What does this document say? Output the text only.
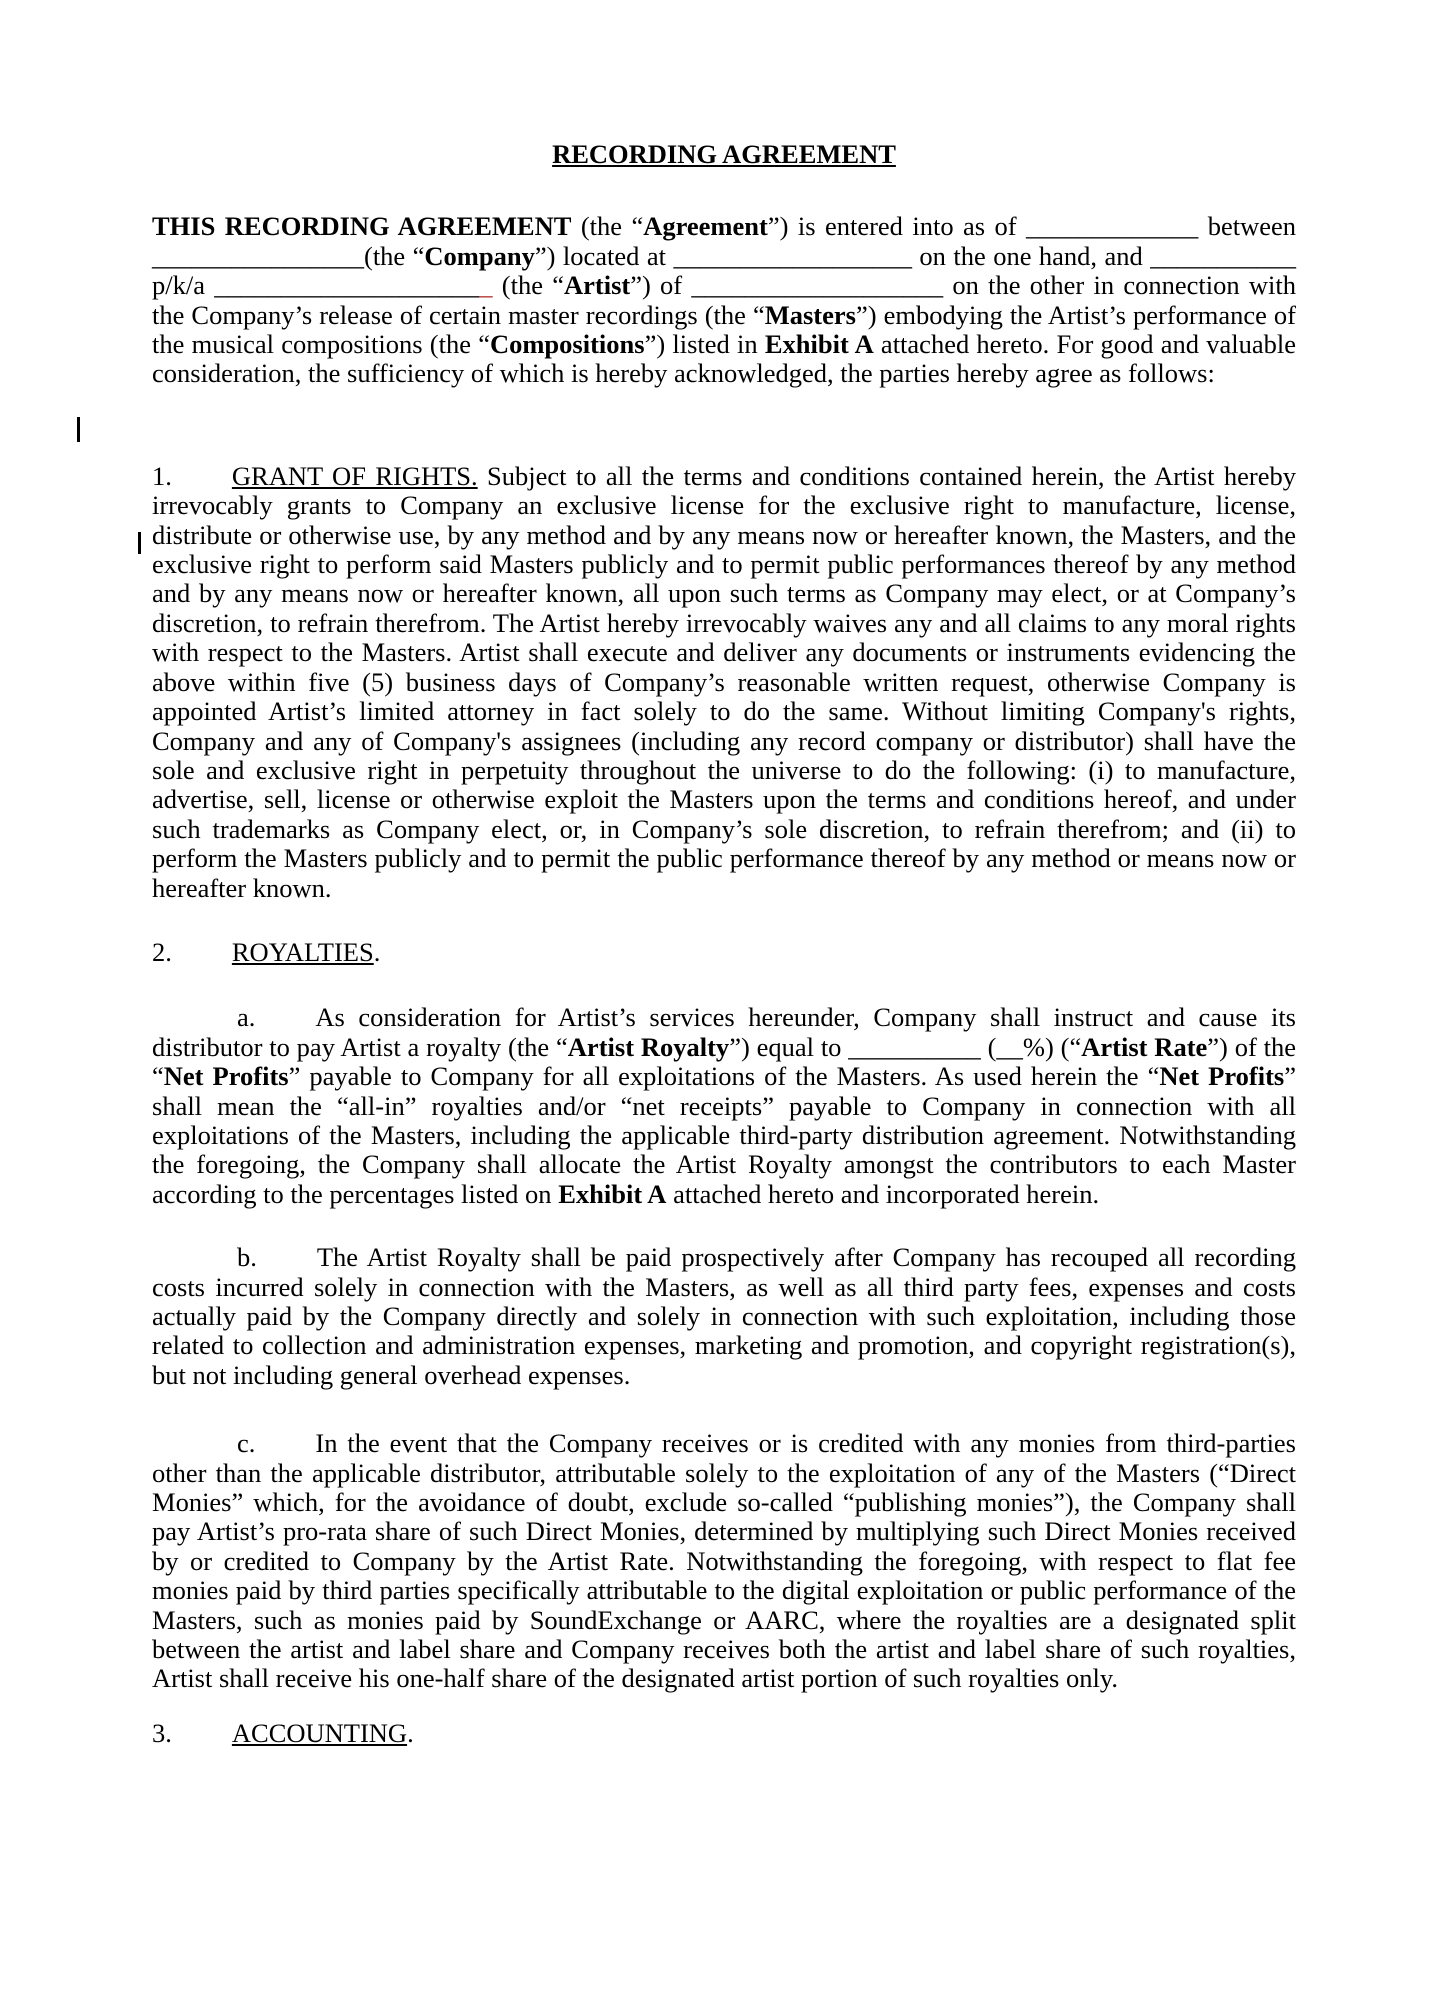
RECORDING AGREEMENT

THIS RECORDING AGREEMENT (the “Agreement”) is entered into as of _____________ between ________________(the “Company”) located at __________________ on the one hand, and ___________ p/k/a _____________________ (the “Artist”) of ___________________ on the other in connection with the Company’s release of certain master recordings (the “Masters”) embodying the Artist’s performance of the musical compositions (the “Compositions”) listed in Exhibit A attached hereto. For good and valuable consideration, the sufficiency of which is hereby acknowledged, the parties hereby agree as follows:

1. GRANT OF RIGHTS. Subject to all the terms and conditions contained herein, the Artist hereby irrevocably grants to Company an exclusive license for the exclusive right to manufacture, license, distribute or otherwise use, by any method and by any means now or hereafter known, the Masters, and the exclusive right to perform said Masters publicly and to permit public performances thereof by any method and by any means now or hereafter known, all upon such terms as Company may elect, or at Company’s discretion, to refrain therefrom. The Artist hereby irrevocably waives any and all claims to any moral rights with respect to the Masters. Artist shall execute and deliver any documents or instruments evidencing the above within five (5) business days of Company’s reasonable written request, otherwise Company is appointed Artist’s limited attorney in fact solely to do the same. Without limiting Company's rights, Company and any of Company's assignees (including any record company or distributor) shall have the sole and exclusive right in perpetuity throughout the universe to do the following: (i) to manufacture, advertise, sell, license or otherwise exploit the Masters upon the terms and conditions hereof, and under such trademarks as Company elect, or, in Company’s sole discretion, to refrain therefrom; and (ii) to perform the Masters publicly and to permit the public performance thereof by any method or means now or hereafter known.

2. ROYALTIES.

a. As consideration for Artist’s services hereunder, Company shall instruct and cause its distributor to pay Artist a royalty (the “Artist Royalty”) equal to __________ (__%) (“Artist Rate”) of the “Net Profits” payable to Company for all exploitations of the Masters. As used herein the “Net Profits” shall mean the “all-in” royalties and/or “net receipts” payable to Company in connection with all exploitations of the Masters, including the applicable third-party distribution agreement. Notwithstanding the foregoing, the Company shall allocate the Artist Royalty amongst the contributors to each Master according to the percentages listed on Exhibit A attached hereto and incorporated herein.

b. The Artist Royalty shall be paid prospectively after Company has recouped all recording costs incurred solely in connection with the Masters, as well as all third party fees, expenses and costs actually paid by the Company directly and solely in connection with such exploitation, including those related to collection and administration expenses, marketing and promotion, and copyright registration(s), but not including general overhead expenses.

c. In the event that the Company receives or is credited with any monies from third-parties other than the applicable distributor, attributable solely to the exploitation of any of the Masters (“Direct Monies” which, for the avoidance of doubt, exclude so-called “publishing monies”), the Company shall pay Artist’s pro-rata share of such Direct Monies, determined by multiplying such Direct Monies received by or credited to Company by the Artist Rate. Notwithstanding the foregoing, with respect to flat fee monies paid by third parties specifically attributable to the digital exploitation or public performance of the Masters, such as monies paid by SoundExchange or AARC, where the royalties are a designated split between the artist and label share and Company receives both the artist and label share of such royalties, Artist shall receive his one-half share of the designated artist portion of such royalties only.

3. ACCOUNTING.
